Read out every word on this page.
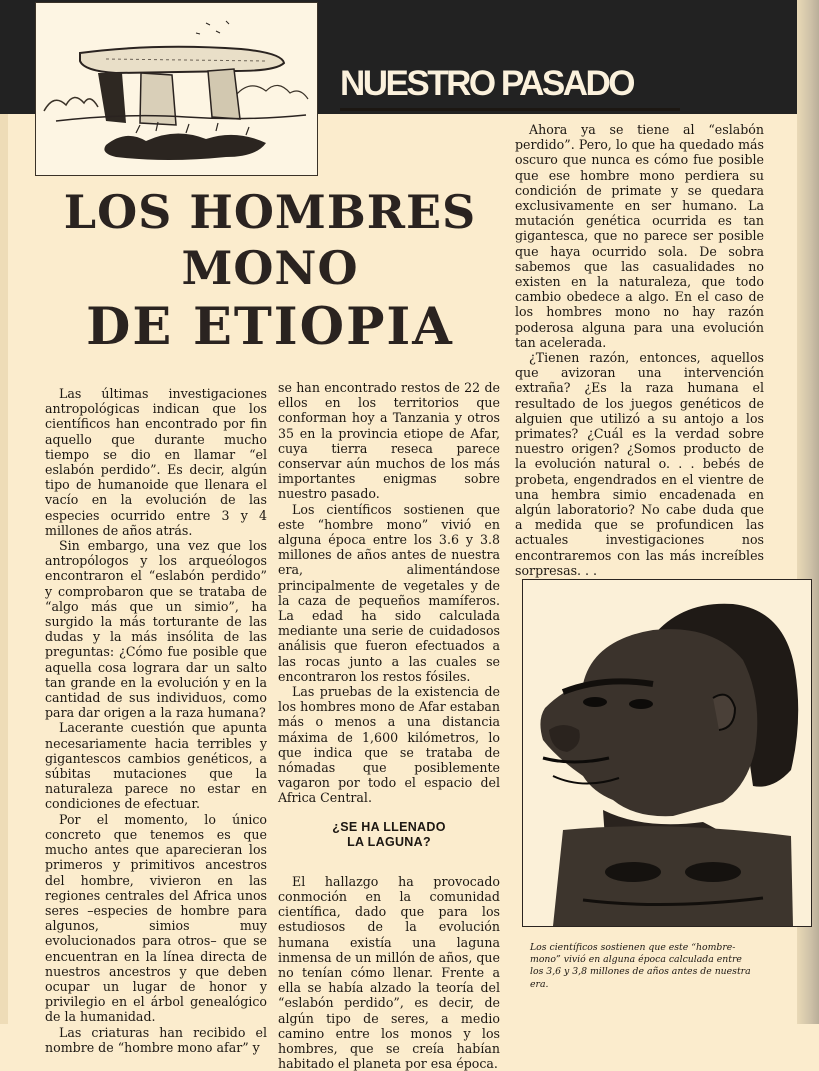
NUESTRO PASADO
LOS HOMBRES
MONO
DE ETIOPIA

Las últimas investigaciones antropológicas indican que los científicos han encontrado por fin aquello que durante mucho tiempo se dio en llamar “el eslabón perdido”. Es decir, algún tipo de humanoide que llenara el vacío en la evolución de las especies ocurrido entre 3 y 4 millones de años atrás.

Sin embargo, una vez que los antropólogos y los arqueólogos encontraron el “eslabón perdido” y comprobaron que se trataba de “algo más que un simio”, ha surgido la más torturante de las dudas y la más insólita de las preguntas: ¿Cómo fue posible que aquella cosa lograra dar un salto tan grande en la evolución y en la cantidad de sus individuos, como para dar origen a la raza humana?

Lacerante cuestión que apunta necesariamente hacia terribles y gigantescos cambios genéticos, a súbitas mutaciones que la naturaleza parece no estar en condiciones de efectuar.

Por el momento, lo único concreto que tenemos es que mucho antes que aparecieran los primeros y primitivos ancestros del hombre, vivieron en las regiones centrales del Africa unos seres –especies de hombre para algunos, simios muy evolucionados para otros– que se encuentran en la línea directa de nuestros ancestros y que deben ocupar un lugar de honor y privilegio en el árbol genealógico de la humanidad.

Las criaturas han recibido el nombre de “hombre mono afar” y

se han encontrado restos de 22 de ellos en los territorios que conforman hoy a Tanzania y otros 35 en la provincia etiope de Afar, cuya tierra reseca parece conservar aún muchos de los más importantes enigmas sobre nuestro pasado.

Los científicos sostienen que este “hombre mono” vivió en alguna época entre los 3.6 y 3.8 millones de años antes de nuestra era, alimentándose principalmente de vegetales y de la caza de pequeños mamíferos. La edad ha sido calculada mediante una serie de cuidadosos análisis que fueron efectuados a las rocas junto a las cuales se encontraron los restos fósiles.

Las pruebas de la existencia de los hombres mono de Afar estaban más o menos a una distancia máxima de 1,600 kilómetros, lo que indica que se trataba de nómadas que posiblemente vagaron por todo el espacio del Africa Central.

¿SE HA LLENADO
LA LAGUNA?

El hallazgo ha provocado conmoción en la comunidad científica, dado que para los estudiosos de la evolución humana existía una laguna inmensa de un millón de años, que no tenían cómo llenar. Frente a ella se había alzado la teoría del “eslabón perdido”, es decir, de algún tipo de seres, a medio camino entre los monos y los hombres, que se creía habían habitado el planeta por esa época.

Ahora ya se tiene al “eslabón perdido”. Pero, lo que ha quedado más oscuro que nunca es cómo fue posible que ese hombre mono perdiera su condición de primate y se quedara exclusivamente en ser humano. La mutación genética ocurrida es tan gigantesca, que no parece ser posible que haya ocurrido sola. De sobra sabemos que las casualidades no existen en la naturaleza, que todo cambio obedece a algo. En el caso de los hombres mono no hay razón poderosa alguna para una evolución tan acelerada.

¿Tienen razón, entonces, aquellos que avizoran una intervención extraña? ¿Es la raza humana el resultado de los juegos genéticos de alguien que utilizó a su antojo a los primates? ¿Cuál es la verdad sobre nuestro origen? ¿Somos producto de la evolución natural o. . . bebés de probeta, engendrados en el vientre de una hembra simio encadenada en algún laboratorio? No cabe duda que a medida que se profundicen las actuales investigaciones nos encontraremos con las más increíbles sorpresas. . .

Los científicos sostienen que este “hombre-mono” vivió en alguna época calculada entre los 3,6 y 3,8 millones de años antes de nuestra era.
